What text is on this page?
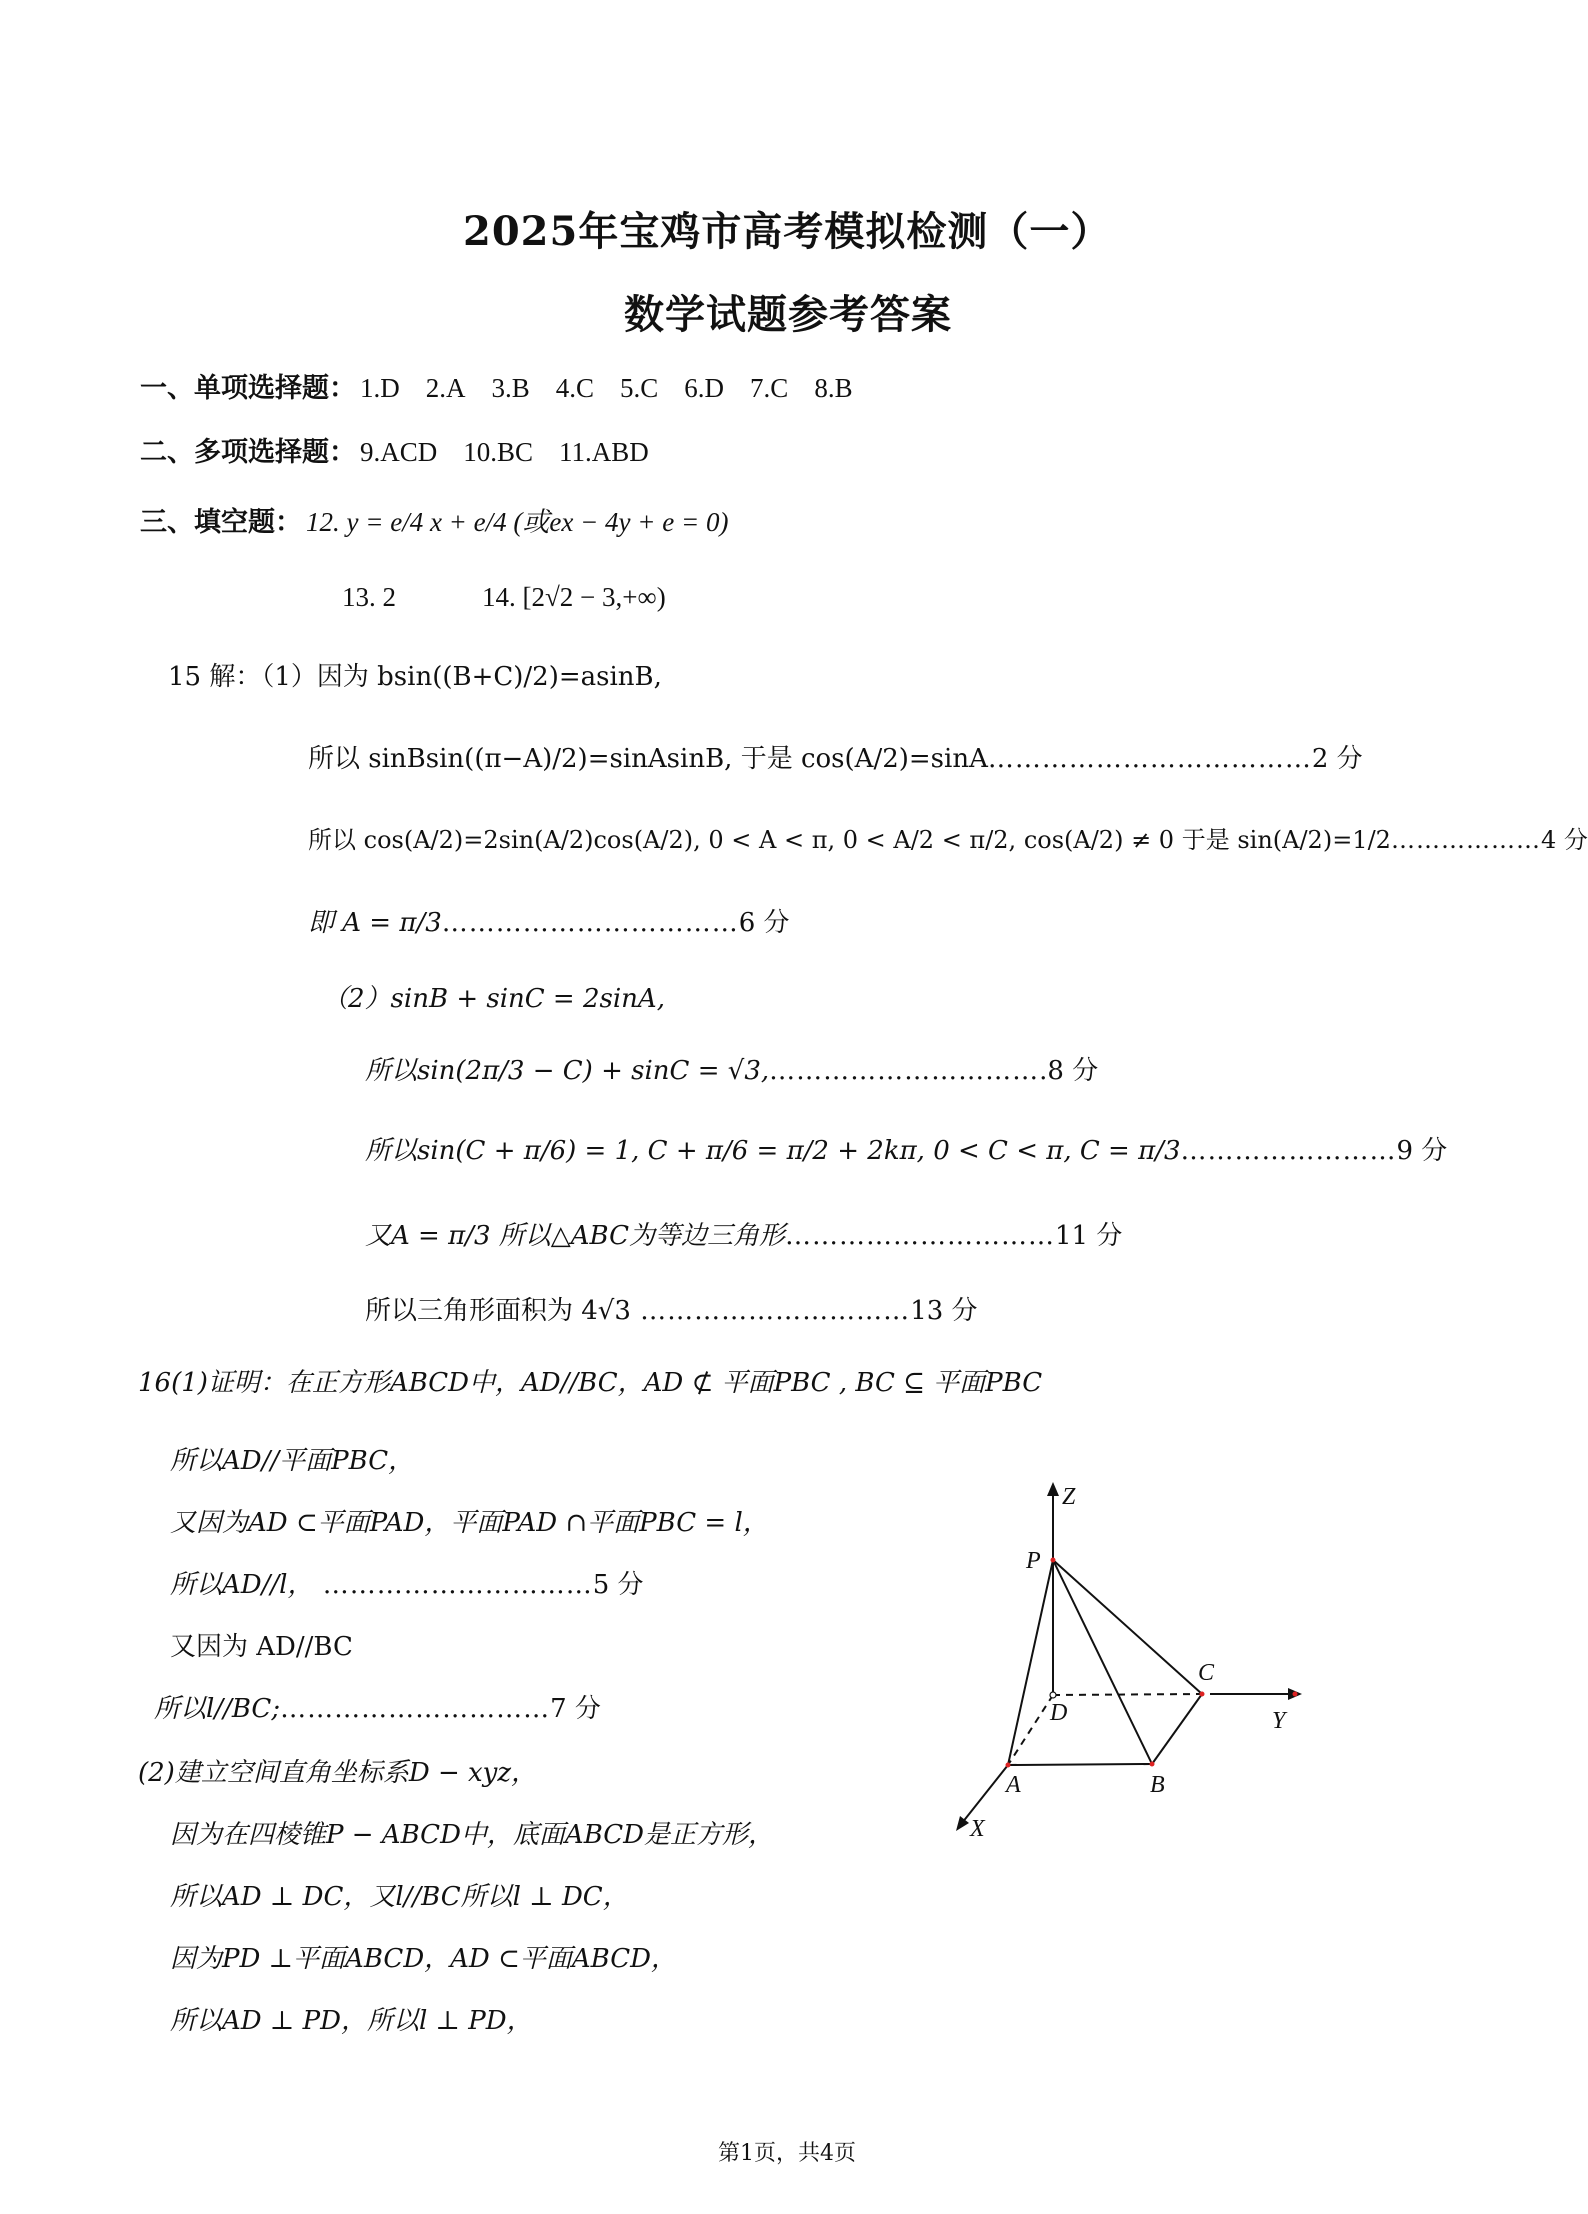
2025年宝鸡市高考模拟检测（一）
数学试题参考答案
一、单项选择题： 1.D 2.A 3.B 4.C 5.C 6.D 7.C 8.B
二、多项选择题： 9.ACD 10.BC 11.ABD
三、填空题： 12. y = e/4 x + e/4 (或ex − 4y + e = 0)
13. 2	14. [2√2 − 3,+∞)
15 解：（1）因为 bsin((B+C)/2)=asinB,
所以 sinBsin((π−A)/2)=sinAsinB, 于是 cos(A/2)=sinA………………………………2 分
所以 cos(A/2)=2sin(A/2)cos(A/2), 0 < A < π, 0 < A/2 < π/2, cos(A/2) ≠ 0 于是 sin(A/2)=1/2………………4 分
即 A = π/3……………………………6 分
（2）sinB + sinC = 2sinA,
所以sin(2π/3 − C) + sinC = √3,………………………….8 分
所以sin(C + π/6) = 1, C + π/6 = π/2 + 2kπ, 0 < C < π, C = π/3……………………9 分
又A = π/3 所以△ABC为等边三角形…………………………11 分
所以三角形面积为 4√3 …………………………13 分
16(1)证明：在正方形ABCD中，AD//BC，AD ⊄ 平面PBC , BC ⊆ 平面PBC
所以AD//平面PBC，
又因为AD ⊂平面PAD，平面PAD ∩平面PBC = l，
所以AD//l， …………………………5 分
又因为 AD//BC
所以l//BC;…………………………7 分
(2)建立空间直角坐标系D − xyz，
因为在四棱锥P − ABCD中，底面ABCD是正方形，
所以AD ⊥ DC，又l//BC所以l ⊥ DC，
因为PD ⊥平面ABCD，AD ⊂平面ABCD，
所以AD ⊥ PD，所以l ⊥ PD，
Z
P
C
D	Y
A	B
X
第1页，共4页
